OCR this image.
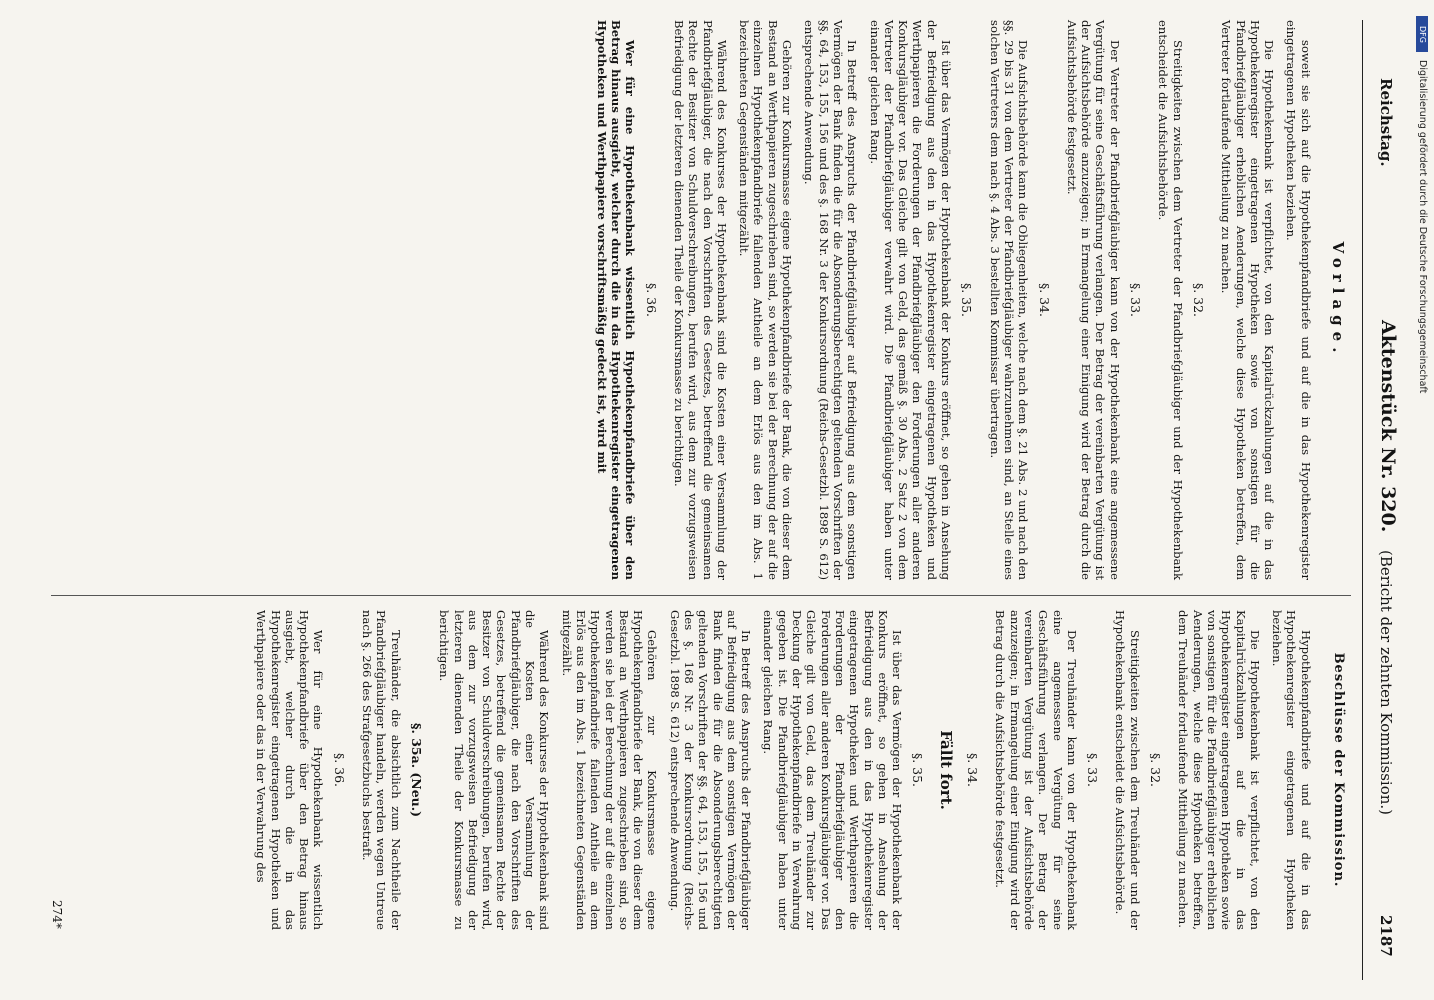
Reichstag.
Aktenstück Nr. 320.
(Bericht der zehnten Kommission.)
2187
Vorlage.

soweit sie sich auf die Hypothekenpfandbriefe und auf die in das Hypothekenregister eingetragenen Hypotheken beziehen.

Die Hypothekenbank ist verpflichtet, von den Kapitalrückzahlungen auf die in das Hypothekenregister eingetragenen Hypotheken sowie von sonstigen für die Pfandbriefgläubiger erheblichen Aenderungen, welche diese Hypotheken betreffen, dem Vertreter fortlaufende Mittheilung zu machen.

§. 32.

Streitigkeiten zwischen dem Vertreter der Pfandbriefgläubiger und der Hypothekenbank entscheidet die Aufsichtsbehörde.

§. 33.

Der Vertreter der Pfandbriefgläubiger kann von der Hypothekenbank eine angemessene Vergütung für seine Geschäftsführung verlangen. Der Betrag der vereinbarten Vergütung ist der Aufsichtsbehörde anzuzeigen; in Ermangelung einer Einigung wird der Betrag durch die Aufsichtsbehörde festgesetzt.

§. 34.

Die Aufsichtsbehörde kann die Obliegenheiten, welche nach dem §. 21 Abs. 2 und nach den §§. 29 bis 31 von dem Vertreter der Pfandbriefgläubiger wahrzunehmen sind, an Stelle eines solchen Vertreters dem nach §. 4 Abs. 3 bestellten Kommissar übertragen.

§. 35.

Ist über das Vermögen der Hypothekenbank der Konkurs eröffnet, so gehen in Ansehung der Befriedigung aus den in das Hypothekenregister eingetragenen Hypotheken und Werthpapieren die Forderungen der Pfandbriefgläubiger den Forderungen aller anderen Konkursgläubiger vor. Das Gleiche gilt von Geld, das gemäß §. 30 Abs. 2 Satz 2 von dem Vertreter der Pfandbriefgläubiger verwahrt wird. Die Pfandbriefgläubiger haben unter einander gleichen Rang.

In Betreff des Anspruchs der Pfandbriefgläubiger auf Befriedigung aus dem sonstigen Vermögen der Bank finden die für die Absonderungsberechtigten geltenden Vorschriften der §§. 64, 153, 155, 156 und des §. 168 Nr. 3 der Konkursordnung (Reichs-Gesetzbl. 1898 S. 612) entsprechende Anwendung.

Gehören zur Konkursmasse eigene Hypothekenpfandbriefe der Bank, die von dieser dem Bestand an Werthpapieren zugeschrieben sind, so werden sie bei der Berechnung der auf die einzelnen Hypothekenpfandbriefe fallenden Antheile an dem Erlös aus den im Abs. 1 bezeichneten Gegenständen mitgezählt.

Während des Konkurses der Hypothekenbank sind die Kosten einer Versammlung der Pfandbriefgläubiger, die nach den Vorschriften des Gesetzes, betreffend die gemeinsamen Rechte der Besitzer von Schuldverschreibungen, berufen wird, aus dem zur vorzugsweisen Befriedigung der letzteren dienenden Theile der Konkursmasse zu berichtigen.

§. 36.

Wer für eine Hypothekenbank wissentlich Hypothekenpfandbriefe über den Betrag hinaus ausgiebt, welcher durch die in das Hypothekenregister eingetragenen Hypotheken und Werthpapiere vorschriftsmäßig gedeckt ist, wird mit

Beschlüsse der Kommission.

Hypothekenpfandbriefe und auf die in das Hypothekenregister eingetragenen Hypotheken beziehen.

Die Hypothekenbank ist verpflichtet, von den Kapitalrückzahlungen auf die in das Hypothekenregister eingetragenen Hypotheken sowie von sonstigen für die Pfandbriefgläubiger erheblichen Aenderungen, welche diese Hypotheken betreffen, dem Treuhänder fortlaufende Mittheilung zu machen.

§. 32.

Streitigkeiten zwischen dem Treuhänder und der Hypothekenbank entscheidet die Aufsichtsbehörde.

§. 33.

Der Treuhänder kann von der Hypothekenbank eine angemessene Vergütung für seine Geschäftsführung verlangen. Der Betrag der vereinbarten Vergütung ist der Aufsichtsbehörde anzuzeigen; in Ermangelung einer Einigung wird der Betrag durch die Aufsichtsbehörde festgesetzt.

§. 34.
Fällt fort.
§. 35.

Ist über das Vermögen der Hypothekenbank der Konkurs eröffnet, so gehen in Ansehung der Befriedigung aus den in das Hypothekenregister eingetragenen Hypotheken und Werthpapieren die Forderungen der Pfandbriefgläubiger den Forderungen aller anderen Konkursgläubiger vor. Das Gleiche gilt von Geld, das dem Treuhänder zur Deckung der Hypothekenpfandbriefe in Verwahrung gegeben ist. Die Pfandbriefgläubiger haben unter einander gleichen Rang.

In Betreff des Anspruchs der Pfandbriefgläubiger auf Befriedigung aus dem sonstigen Vermögen der Bank finden die für die Absonderungsberechtigten geltenden Vorschriften der §§. 64, 153, 155, 156 und des §. 168 Nr. 3 der Konkursordnung (Reichs-Gesetzbl. 1898 S. 612) entsprechende Anwendung.

Gehören zur Konkursmasse eigene Hypothekenpfandbriefe der Bank, die von dieser dem Bestand an Werthpapieren zugeschrieben sind, so werden sie bei der Berechnung der auf die einzelnen Hypothekenpfandbriefe fallenden Antheile an dem Erlös aus den im Abs. 1 bezeichneten Gegenständen mitgezählt.

Während des Konkurses der Hypothekenbank sind die Kosten einer Versammlung der Pfandbriefgläubiger, die nach den Vorschriften des Gesetzes, betreffend die gemeinsamen Rechte der Besitzer von Schuldverschreibungen, berufen wird, aus dem zur vorzugsweisen Befriedigung der letzteren dienenden Theile der Konkursmasse zu berichtigen.

§. 35a. (Neu.)

Treuhänder, die absichtlich zum Nachtheile der Pfandbriefgläubiger handeln, werden wegen Untreue nach §. 266 des Strafgesetzbuchs bestraft.

§. 36.

Wer für eine Hypothekenbank wissentlich Hypothekenpfandbriefe über den Betrag hinaus ausgiebt, welcher durch die in das Hypothekenregister eingetragenen Hypotheken und Werthpapiere oder das in der Verwahrung des

274*
DFG
Digitalisierung gefördert durch die Deutsche Forschungsgemeinschaft
